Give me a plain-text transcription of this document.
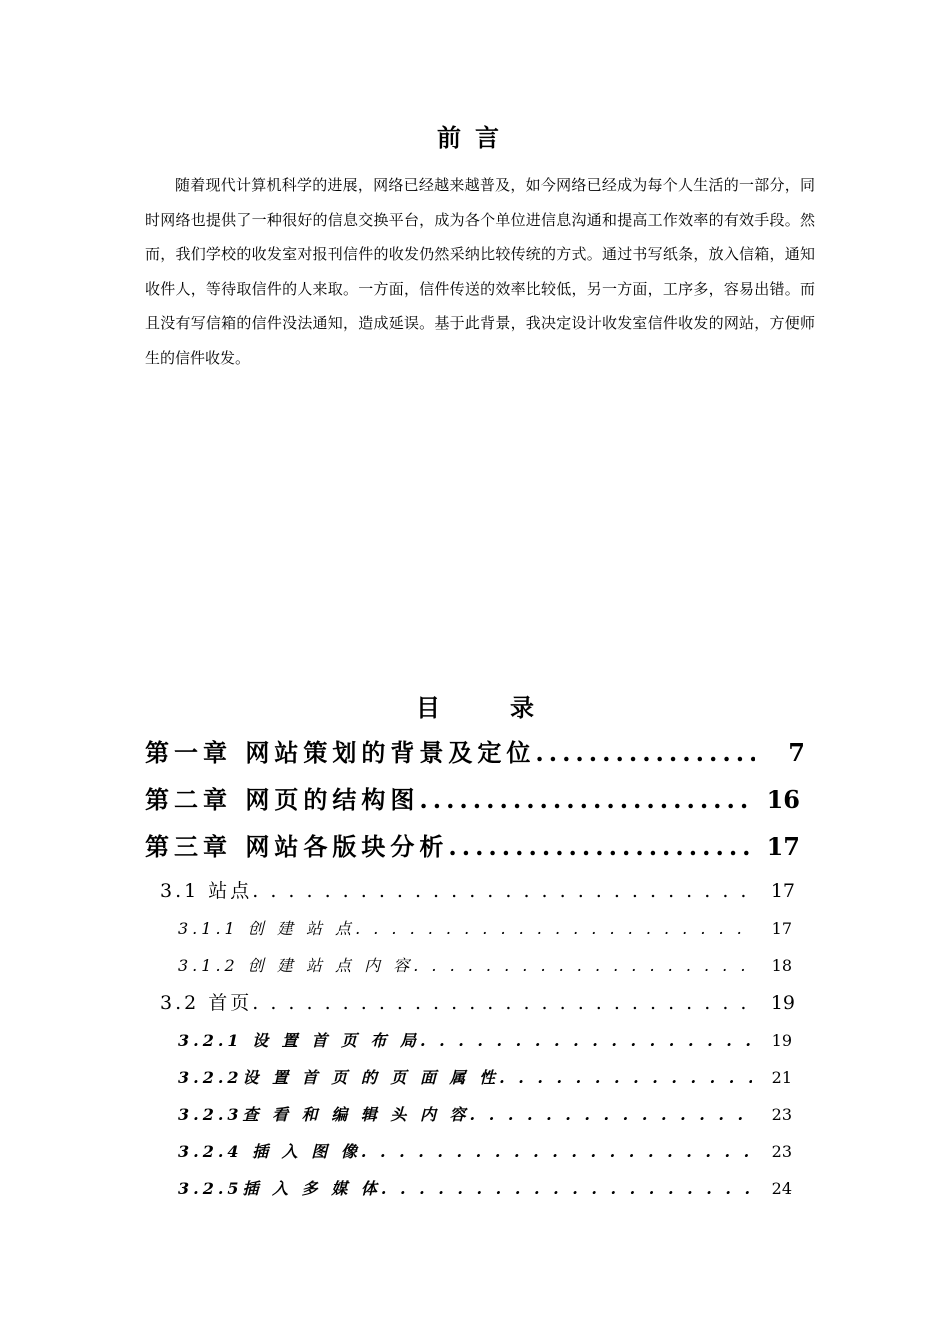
前言

随着现代计算机科学的进展，网络已经越来越普及，如今网络已经成为每个人生活的一部分，同时网络也提供了一种很好的信息交换平台，成为各个单位进信息沟通和提高工作效率的有效手段。然而，我们学校的收发室对报刊信件的收发仍然采纳比较传统的方式。通过书写纸条，放入信箱，通知收件人，等待取信件的人来取。一方面，信件传送的效率比较低，另一方面，工序多，容易出错。而且没有写信箱的信件没法通知，造成延误。基于此背景，我决定设计收发室信件收发的网站，方便师生的信件收发。

目	录
第一章 网站策划的背景及定位 .....	7
第二章 网页的结构图 .....	16
第三章 网站各版块分析 .....	17
3.1 站点 . . .	17
3.1.1 创 建 站 点 . . .	17
3.1.2 创 建 站 点 内 容 . . .	18
3.2 首页 . . .	19
3.2.1 设 置 首 页 布 局 . . .	19
3.2.2设 置 首 页 的 页 面 属 性 . . .	21
3.2.3查 看 和 编 辑 头 内 容 . . .	23
3.2.4 插 入 图 像 . . .	23
3.2.5插 入 多 媒 体 . . .	24
